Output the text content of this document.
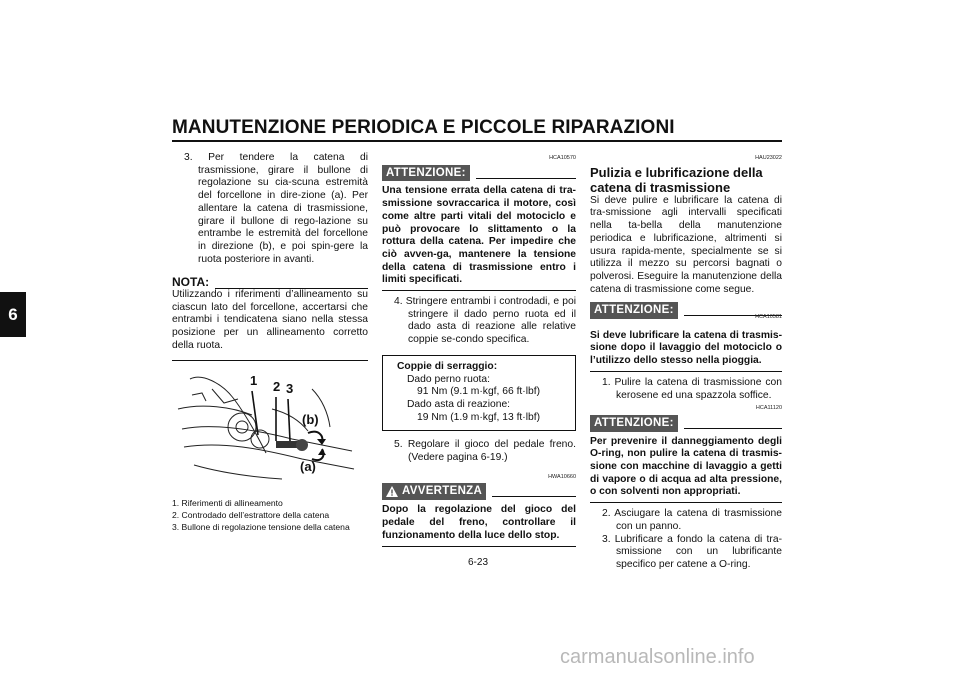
MANUTENZIONE PERIODICA E PICCOLE RIPARAZIONI
6

3. Per tendere la catena di trasmissione, girare il bullone di regolazione su cia-scuna estremità del forcellone in dire-zione (a). Per allentare la catena di trasmissione, girare il bullone di rego-lazione su entrambe le estremità del forcellone in direzione (b), e poi spin-gere la ruota posteriore in avanti.

NOTA:

Utilizzando i riferimenti d’allineamento su ciascun lato del forcellone, accertarsi che entrambi i tendicatena siano nella stessa posizione per un allineamento corretto della ruota.

1 2 3
(b)
(a)
1. Riferimenti di allineamento
2. Controdado dell’estrattore della catena
3. Bullone di regolazione tensione della catena
HCA10570
ATTENZIONE:

Una tensione errata della catena di tra-smissione sovraccarica il motore, così come altre parti vitali del motociclo e può provocare lo slittamento o la rottura della catena. Per impedire che ciò avven-ga, mantenere la tensione della catena di trasmissione entro i limiti specificati.

4. Stringere entrambi i controdadi, e poi stringere il dado perno ruota ed il dado asta di reazione alle relative coppie se-condo specifica.

Coppie di serraggio:
Dado perno ruota:
91 Nm (9.1 m·kgf, 66 ft·lbf)
Dado asta di reazione:
19 Nm (1.9 m·kgf, 13 ft·lbf)

5. Regolare il gioco del pedale freno. (Vedere pagina 6-19.)

HWA10660
AVVERTENZA

Dopo la regolazione del gioco del pedale del freno, controllare il funzionamento della luce dello stop.

HAU23022

Pulizia e lubrificazione della catena di trasmissione

Si deve pulire e lubrificare la catena di tra-smissione agli intervalli specificati nella ta-bella della manutenzione periodica e lubrificazione, altrimenti si usura rapida-mente, specialmente se si utilizza il mezzo su percorsi bagnati o polverosi. Eseguire la manutenzione della catena di trasmissione come segue.

ATTENZIONE:
HCA10581

Si deve lubrificare la catena di trasmis-sione dopo il lavaggio del motociclo o l’utilizzo dello stesso nella pioggia.

1. Pulire la catena di trasmissione con kerosene ed una spazzola soffice.

HCA11120
ATTENZIONE:

Per prevenire il danneggiamento degli O-ring, non pulire la catena di trasmis-sione con macchine di lavaggio a getti di vapore o di acqua ad alta pressione, o con solventi non appropriati.

2. Asciugare la catena di trasmissione con un panno.

3. Lubrificare a fondo la catena di tra-smissione con un lubrificante specifico per catene a O-ring.

6-23
carmanualsonline.info
